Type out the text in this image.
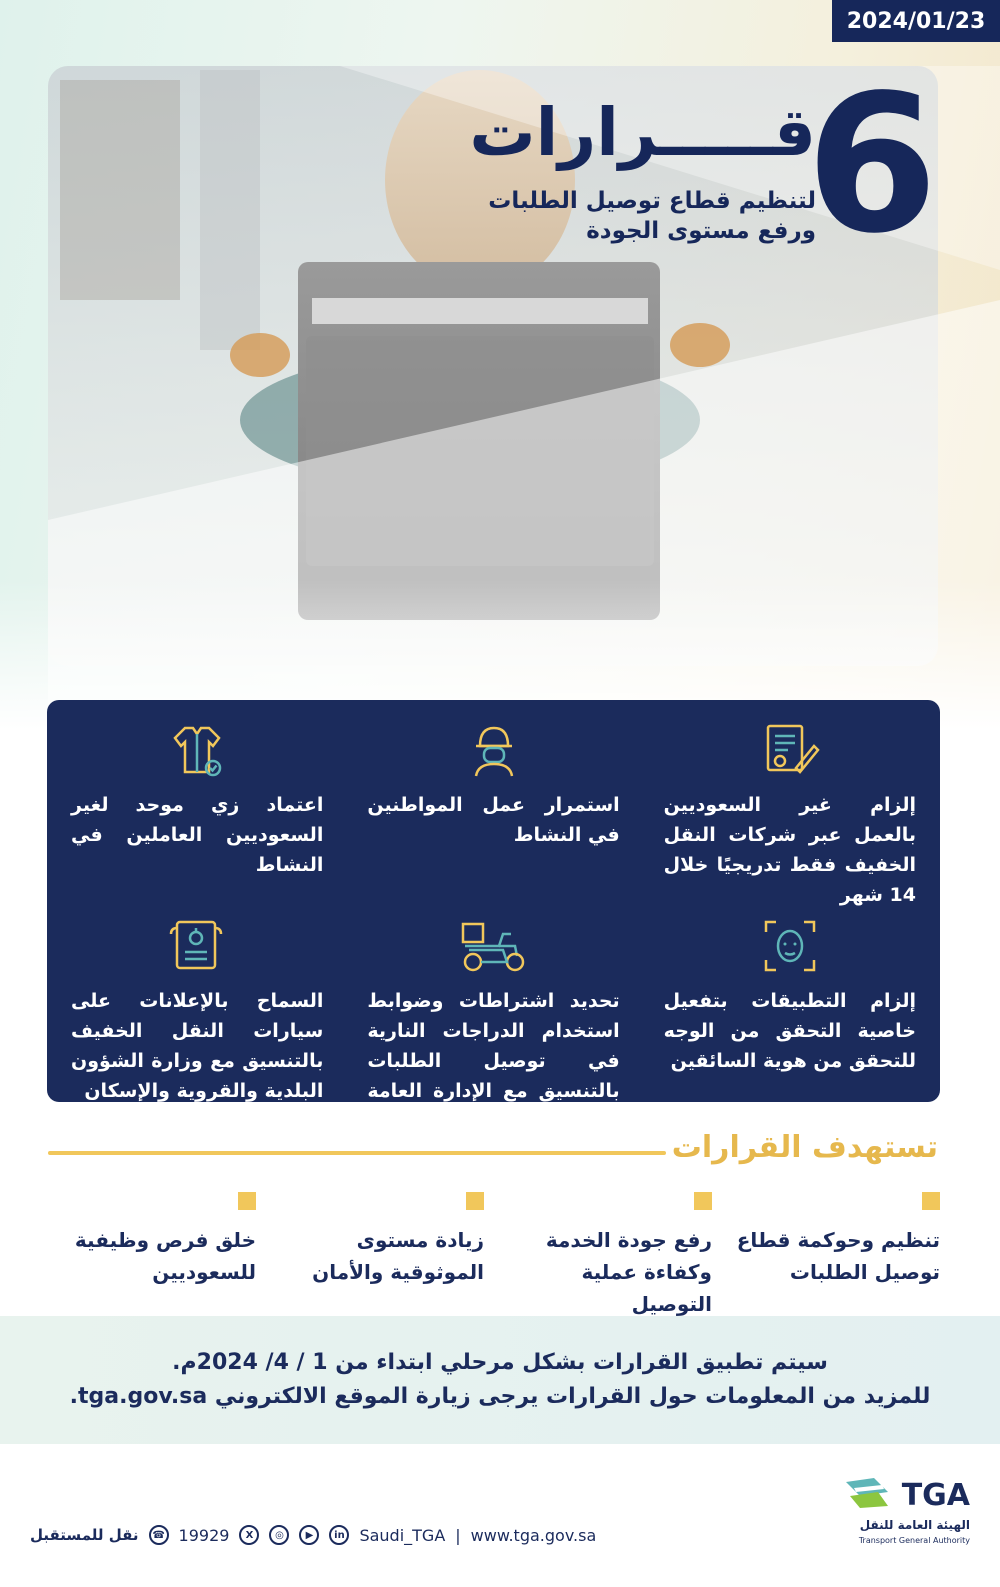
2024/01/23
6
قـــــرارات
لتنظيم قطاع توصيل الطلبات ورفع مستوى الجودة
إلزام غير السعوديين بالعمل عبر شركات النقل الخفيف فقط تدريجيًا خلال 14 شهر
استمرار عمل المواطنين في النشاط
اعتماد زي موحد لغير السعوديين العاملين في النشاط
إلزام التطبيقات بتفعيل خاصية التحقق من الوجه للتحقق من هوية السائقين
تحديد اشتراطات وضوابط استخدام الدراجات النارية في توصيل الطلبات بالتنسيق مع الإدارة العامة للمرور
السماح بالإعلانات على سيارات النقل الخفيف بالتنسيق مع وزارة الشؤون البلدية والقروية والإسكان
تستهدف القرارات
تنظيم وحوكمة قطاع توصيل الطلبات
رفع جودة الخدمة وكفاءة عملية التوصيل
زيادة مستوى الموثوقية والأمان
خلق فرص وظيفية للسعوديين

سيتم تطبيق القرارات بشكل مرحلي ابتداء من 1 / 4/ 2024م.

للمزيد من المعلومات حول القرارات يرجى زيارة الموقع الالكتروني tga.gov.sa.

TGA
الهيئة العامة للنقل
Transport General Authority
نقل للمستقبل	☎ 19929	X	◎	▶	in Saudi_TGA | www.tga.gov.sa
